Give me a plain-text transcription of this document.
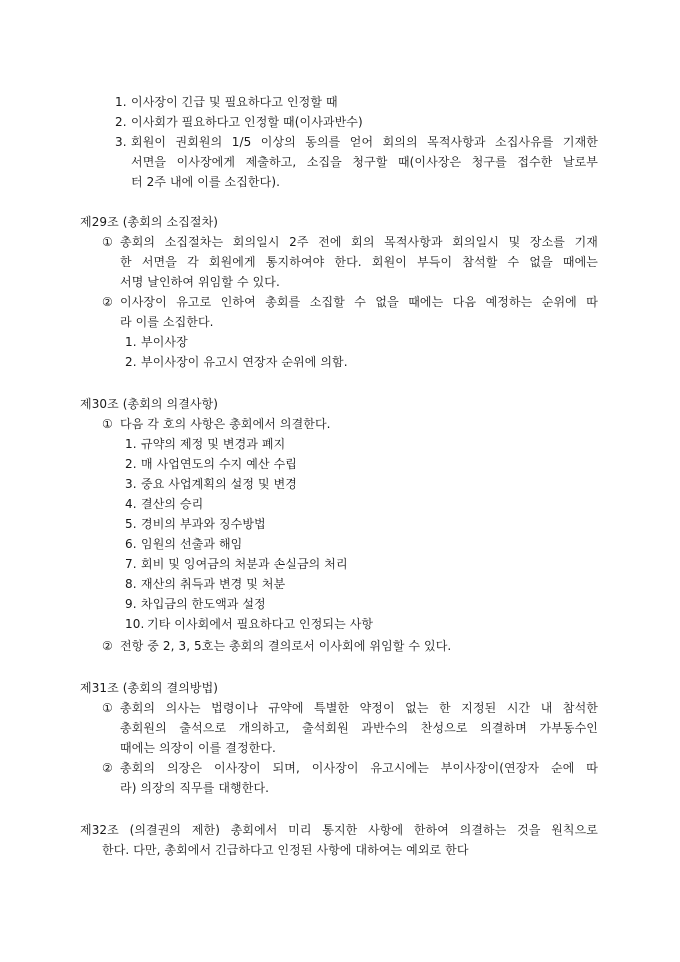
1. 이사장이 긴급 및 필요하다고 인정할 때
2. 이사회가 필요하다고 인정할 때(이사과반수)
3. 회원이 권회원의 1/5 이상의 동의를 얻어 회의의 목적사항과 소집사유를 기재한
서면을 이사장에게 제출하고, 소집을 청구할 때(이사장은 청구를 접수한 날로부
터 2주 내에 이를 소집한다).
제29조 (총회의 소집절차)
① 총회의 소집절차는 회의일시 2주 전에 회의 목적사항과 회의일시 및 장소를 기재
한 서면을 각 회원에게 통지하여야 한다. 회원이 부득이 참석할 수 없을 때에는
서명 날인하여 위임할 수 있다.
② 이사장이 유고로 인하여 총회를 소집할 수 없을 때에는 다음 예정하는 순위에 따
라 이를 소집한다.
1. 부이사장
2. 부이사장이 유고시 연장자 순위에 의함.
제30조 (총회의 의결사항)
① 다음 각 호의 사항은 총회에서 의결한다.
1. 규약의 제정 및 변경과 폐지
2. 매 사업연도의 수지 예산 수립
3. 중요 사업계획의 설정 및 변경
4. 결산의 승리
5. 경비의 부과와 징수방법
6. 임원의 선출과 해임
7. 회비 및 잉여금의 처분과 손실금의 처리
8. 재산의 취득과 변경 및 처분
9. 차입금의 한도액과 설정
10. 기타 이사회에서 필요하다고 인정되는 사항
② 전항 중 2, 3, 5호는 총회의 결의로서 이사회에 위임할 수 있다.
제31조 (총회의 결의방법)
① 총회의 의사는 법령이나 규약에 특별한 약정이 없는 한 지정된 시간 내 참석한
총회원의 출석으로 개의하고, 출석회원 과반수의 찬성으로 의결하며 가부동수인
때에는 의장이 이를 결정한다.
② 총회의 의장은 이사장이 되며, 이사장이 유고시에는 부이사장이(연장자 순에 따
라) 의장의 직무를 대행한다.
제32조 (의결권의 제한) 총회에서 미리 통지한 사항에 한하여 의결하는 것을 원칙으로
한다. 다만, 총회에서 긴급하다고 인정된 사항에 대하여는 예외로 한다
